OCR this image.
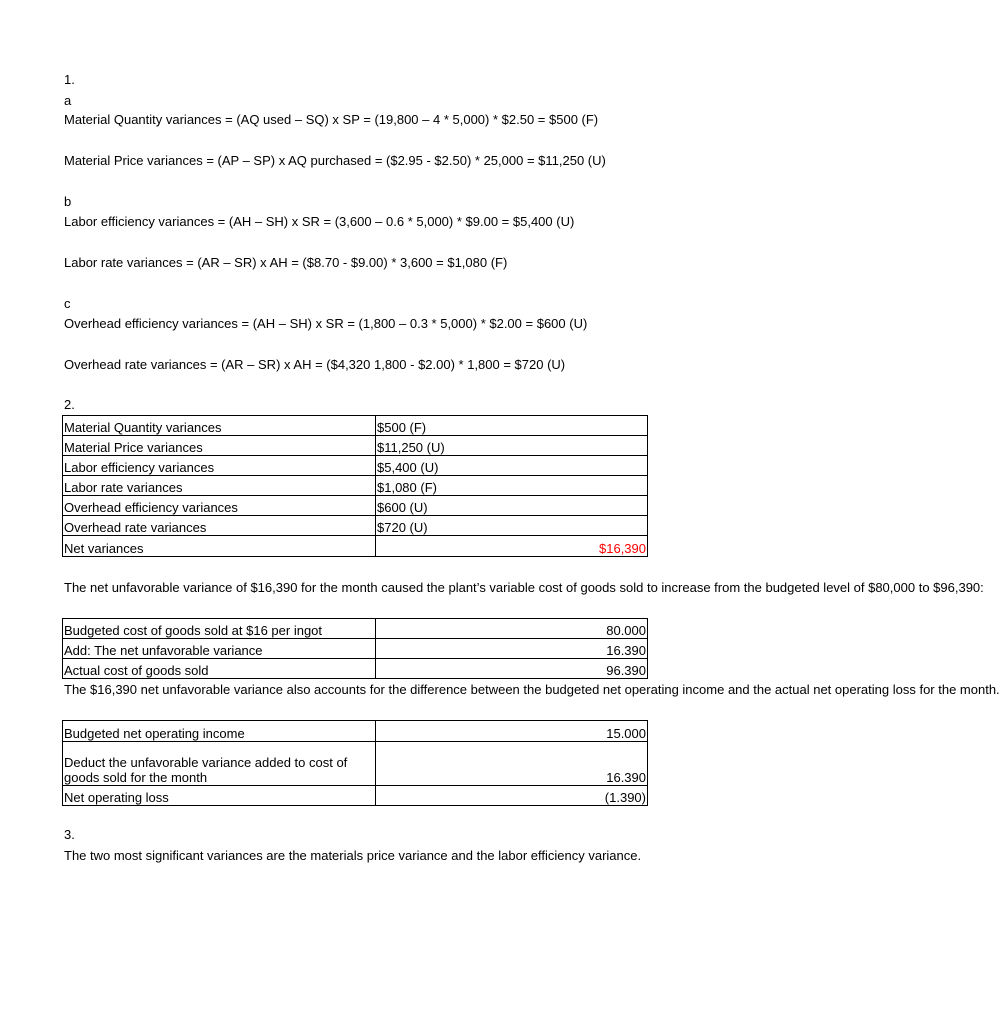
1.
a
Material Quantity variances = (AQ used – SQ) x SP = (19,800 – 4 * 5,000) * $2.50 = $500 (F)
Material Price variances = (AP – SP) x AQ purchased = ($2.95 - $2.50) * 25,000 = $11,250 (U)
b
Labor efficiency variances = (AH – SH) x SR = (3,600 – 0.6 * 5,000) * $9.00 = $5,400 (U)
Labor rate variances = (AR – SR) x AH = ($8.70 - $9.00) * 3,600 = $1,080 (F)
c
Overhead efficiency variances = (AH – SH) x SR = (1,800 – 0.3 * 5,000) * $2.00 = $600 (U)
Overhead rate variances = (AR – SR) x AH = ($4,320 1,800 - $2.00) * 1,800 = $720 (U)
2.
Material Quantity variances	$500 (F)
Material Price variances	$11,250 (U)
Labor efficiency variances	$5,400 (U)
Labor rate variances	$1,080 (F)
Overhead efficiency variances	$600 (U)
Overhead rate variances	$720 (U)
Net variances	$16,390
The net unfavorable variance of $16,390 for the month caused the plant’s variable cost of goods sold to increase from the budgeted level of $80,000 to $96,390:
Budgeted cost of goods sold at $16 per ingot	80.000
Add: The net unfavorable variance	16.390
Actual cost of goods sold	96.390
The $16,390 net unfavorable variance also accounts for the difference between the budgeted net operating income and the actual net operating loss for the month.
Budgeted net operating income	15.000
Deduct the unfavorable variance added to cost of goods sold for the month	16.390
Net operating loss	(1.390)
3.
The two most significant variances are the materials price variance and the labor efficiency variance.
